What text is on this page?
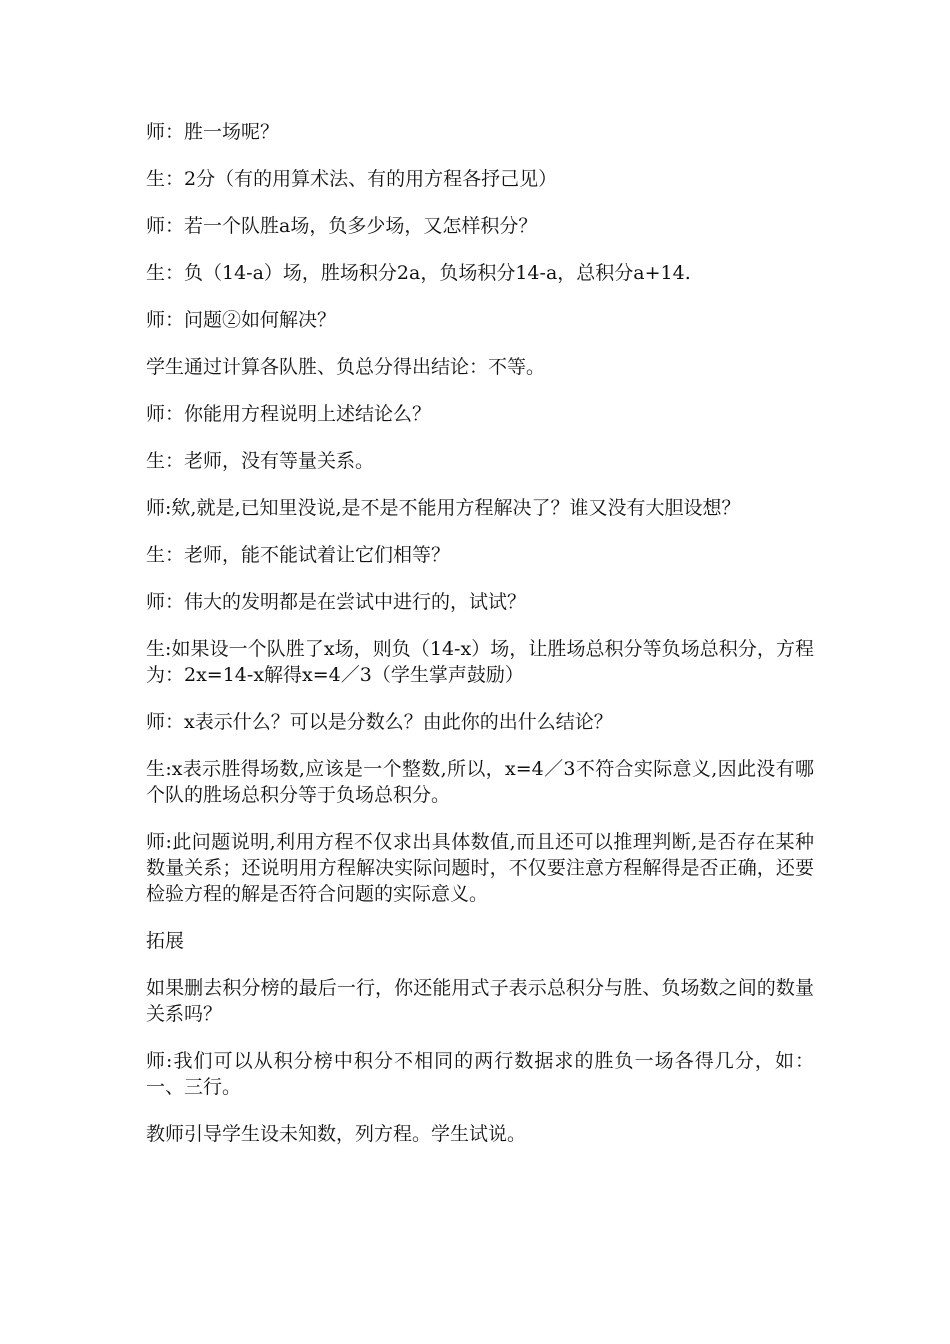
师：胜一场呢？

生：2分（有的用算术法、有的用方程各抒己见）

师：若一个队胜a场，负多少场，又怎样积分？

生：负（14-a）场，胜场积分2a，负场积分14-a，总积分a+14.

师：问题②如何解决？

学生通过计算各队胜、负总分得出结论：不等。

师：你能用方程说明上述结论么？

生：老师，没有等量关系。

师:欸,就是,已知里没说,是不是不能用方程解决了？谁又没有大胆设想？

生：老师，能不能试着让它们相等？

师：伟大的发明都是在尝试中进行的，试试？

生:如果设一个队胜了x场，则负（14-x）场，让胜场总积分等负场总积分，方程为：2x=14-x解得x=4／3（学生掌声鼓励）

师：x表示什么？可以是分数么？由此你的出什么结论？

生:x表示胜得场数,应该是一个整数,所以，x=4／3不符合实际意义,因此没有哪个队的胜场总积分等于负场总积分。

师:此问题说明,利用方程不仅求出具体数值,而且还可以推理判断,是否存在某种数量关系；还说明用方程解决实际问题时，不仅要注意方程解得是否正确，还要检验方程的解是否符合问题的实际意义。

拓展

如果删去积分榜的最后一行，你还能用式子表示总积分与胜、负场数之间的数量关系吗？

师:我们可以从积分榜中积分不相同的两行数据求的胜负一场各得几分，如：一、三行。

教师引导学生设未知数，列方程。学生试说。
